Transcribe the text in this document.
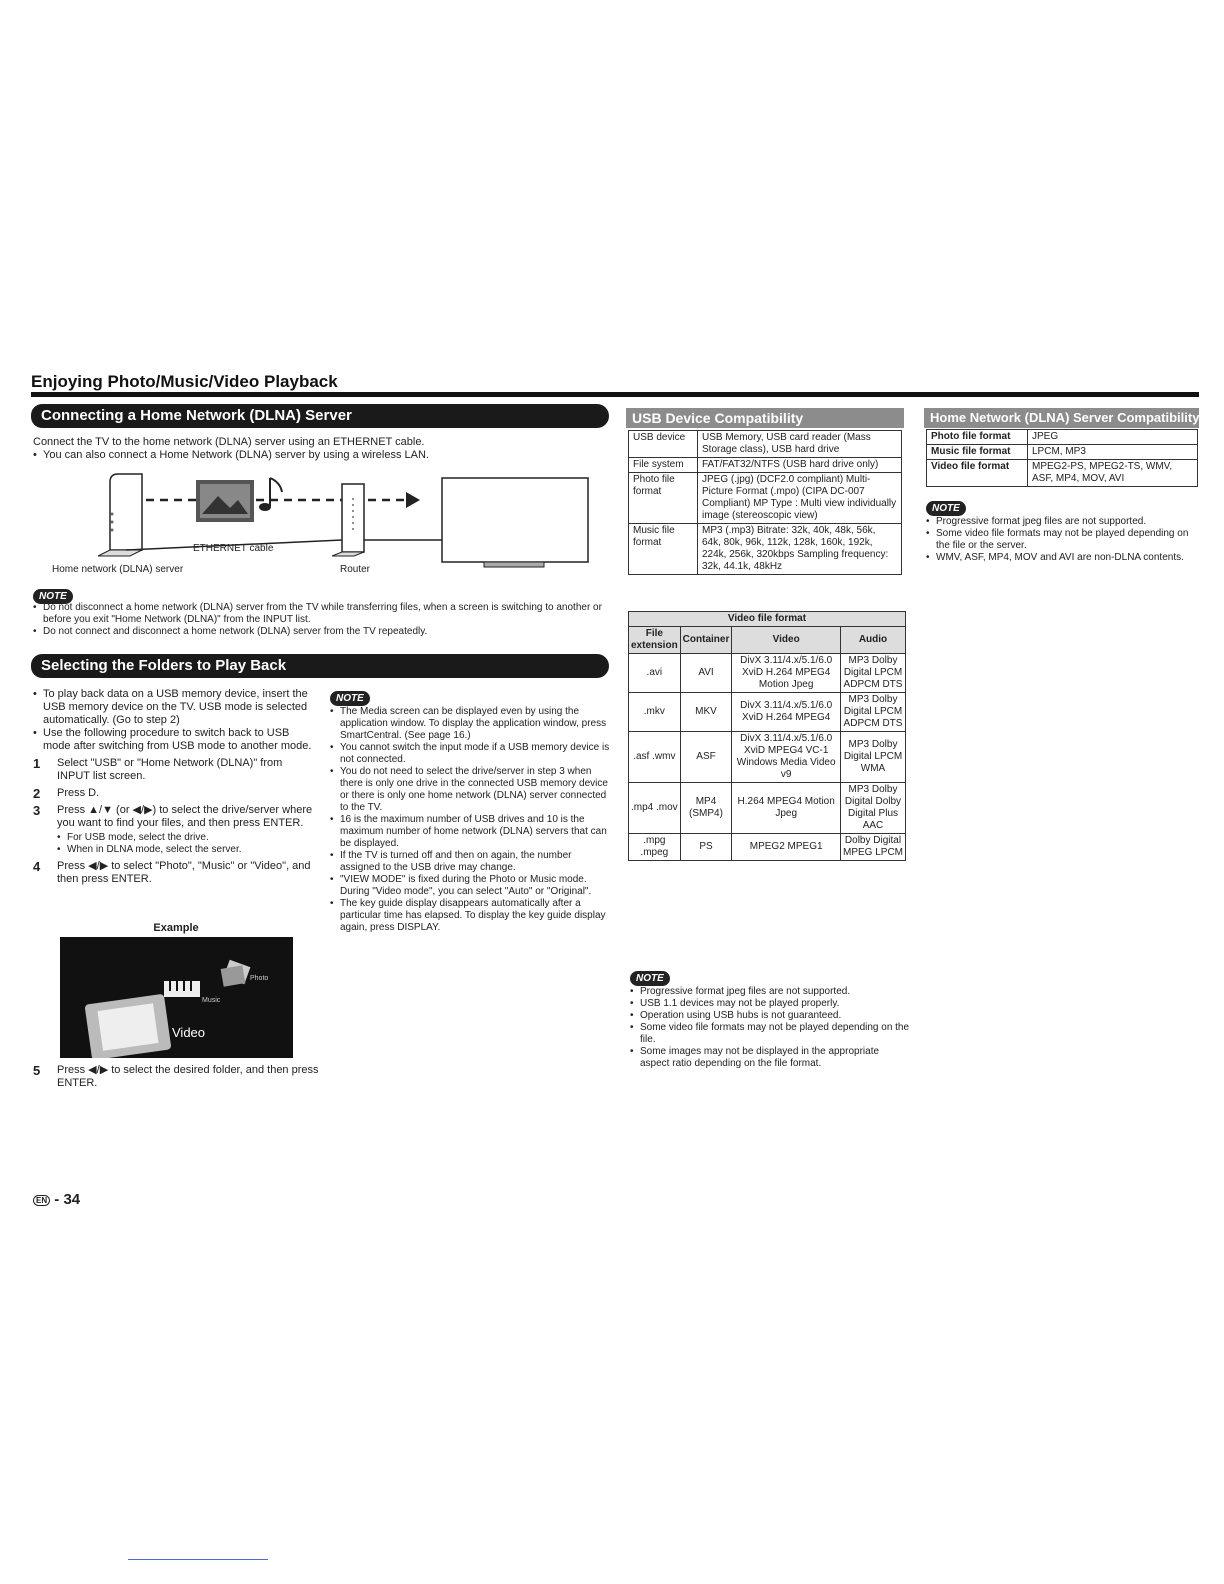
Enjoying Photo/Music/Video Playback
Connecting a Home Network (DLNA) Server
Connect the TV to the home network (DLNA) server using an ETHERNET cable.
• You can also connect a Home Network (DLNA) server by using a wireless LAN.
ETHERNET cable
Home network (DLNA) server	Router
NOTE
• Do not disconnect a home network (DLNA) server from the TV while transferring files, when a screen is switching to another or before you exit "Home Network (DLNA)" from the INPUT list.
• Do not connect and disconnect a home network (DLNA) server from the TV repeatedly.
Selecting the Folders to Play Back
• To play back data on a USB memory device, insert the USB memory device on the TV. USB mode is selected automatically. (Go to step 2)
• Use the following procedure to switch back to USB mode after switching from USB mode to another mode.
1 Select "USB" or "Home Network (DLNA)" from INPUT list screen.
2 Press D.
3 Press ▲/▼ (or ◀/▶) to select the drive/server where you want to find your files, and then press ENTER.
• For USB mode, select the drive.
• When in DLNA mode, select the server.
4 Press ◀/▶ to select "Photo", "Music" or "Video", and then press ENTER.
Example
Photo
Music
Video
5 Press ◀/▶ to select the desired folder, and then press ENTER.
NOTE
• The Media screen can be displayed even by using the application window. To display the application window, press SmartCentral. (See page 16.)
• You cannot switch the input mode if a USB memory device is not connected.
• You do not need to select the drive/server in step 3 when there is only one drive in the connected USB memory device or there is only one home network (DLNA) server connected to the TV.
• 16 is the maximum number of USB drives and 10 is the maximum number of home network (DLNA) servers that can be displayed.
• If the TV is turned off and then on again, the number assigned to the USB drive may change.
• "VIEW MODE" is fixed during the Photo or Music mode. During "Video mode", you can select "Auto" or "Original".
• The key guide display disappears automatically after a particular time has elapsed. To display the key guide display again, press DISPLAY.
USB Device Compatibility
USB device	USB Memory, USB card reader (Mass Storage class), USB hard drive
File system	FAT/FAT32/NTFS (USB hard drive only)
Photo file format	JPEG (.jpg) (DCF2.0 compliant) Multi-Picture Format (.mpo) (CIPA DC-007 Compliant) MP Type : Multi view individually image (stereoscopic view)
Music file format	MP3 (.mp3) Bitrate: 32k, 40k, 48k, 56k, 64k, 80k, 96k, 112k, 128k, 160k, 192k, 224k, 256k, 320kbps Sampling frequency: 32k, 44.1k, 48kHz
Video file format			
File extension	Container	Video	Audio
.avi	AVI	DivX 3.11/4.x/5.1/6.0 XviD H.264 MPEG4 Motion Jpeg	MP3 Dolby Digital LPCM ADPCM DTS
.mkv	MKV	DivX 3.11/4.x/5.1/6.0 XviD H.264 MPEG4	MP3 Dolby Digital LPCM ADPCM DTS
.asf .wmv	ASF	DivX 3.11/4.x/5.1/6.0 XviD MPEG4 VC-1 Windows Media Video v9	MP3 Dolby Digital LPCM WMA
.mp4 .mov	MP4 (SMP4)	H.264 MPEG4 Motion Jpeg	MP3 Dolby Digital Dolby Digital Plus AAC
.mpg .mpeg	PS	MPEG2 MPEG1	Dolby Digital MPEG LPCM
NOTE
• Progressive format jpeg files are not supported.
• USB 1.1 devices may not be played properly.
• Operation using USB hubs is not guaranteed.
• Some video file formats may not be played depending on the file.
• Some images may not be displayed in the appropriate aspect ratio depending on the file format.
Home Network (DLNA) Server Compatibility
Photo file format	JPEG
Music file format	LPCM, MP3
Video file format	MPEG2-PS, MPEG2-TS, WMV, ASF, MP4, MOV, AVI
NOTE
• Progressive format jpeg files are not supported.
• Some video file formats may not be played depending on the file or the server.
• WMV, ASF, MP4, MOV and AVI are non-DLNA contents.
EN - 34
